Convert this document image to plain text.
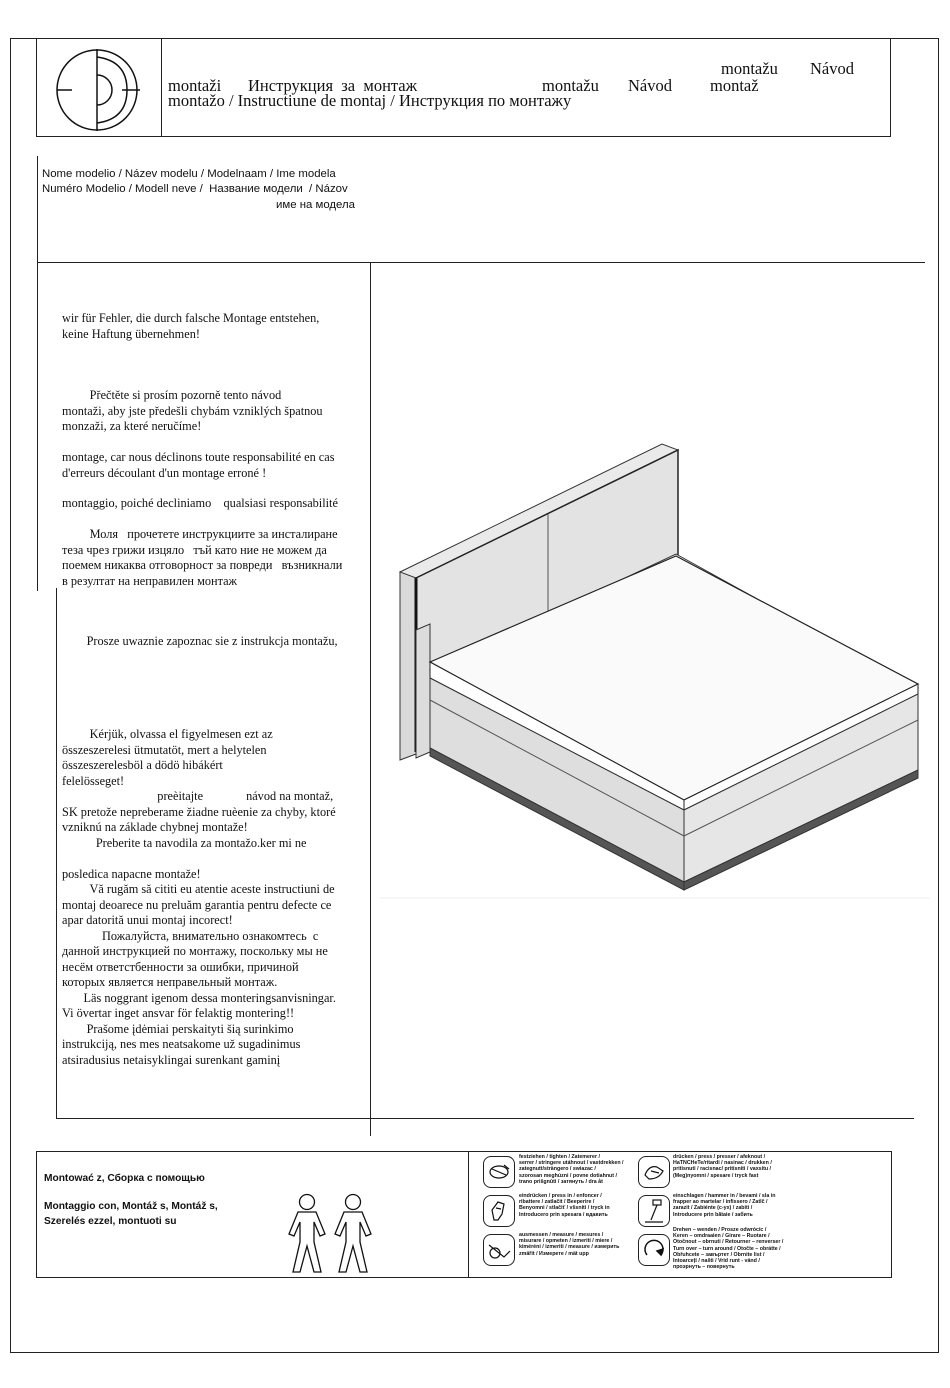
montažu Návod
montaži Инструкция  за  монтаж	montažu Návod montaž
montažo / Instructiune de montaj / Инструкция по монтажу
Nome modelio / Název modelu / Modelnaam / Ime modela
Numéro Modelio / Modell neve /  Название модели  / Názov
име на модела
wir für Fehler, die durch falsche Montage entstehen,
keine Haftung übernehmen!
Přečtěte si prosím pozorně tento návod
montaži, aby jste předešli chybám vzniklých špatnou
monzaži, za které neručíme!
montage, car nous déclinons toute responsabilité en cas
d'erreurs découlant d'un montage erroné !
montaggio, poiché decliniamo    qualsiasi responsabilité
Моля   прочетете инструкциите за инсталиране
теза чрез грижи изцяло   тъй като ние не можем да
поемем никаква отговорност за повреди   възникнали
в резултат на неправилен монтаж
Prosze uwaznie zapoznac sie z instrukcja montažu,
Kérjük, olvassa el figyelmesen ezt az
összeszerelesi ütmutatöt, mert a helytelen
összeszerelesböl a dödö hibákért
felelösseget!
preèitajte              návod na montaž,
SK pretože nepreberame žiadne ruèenie za chyby, ktoré
vzniknú na základe chybnej montaže!
Preberite ta navodila za montažo.ker mi ne

posledica napacne montaže!
Vă rugăm să cititi eu atentie aceste instructiuni de
montaj deoarece nu preluăm garantia pentru defecte ce
apar datorită unui montaj incorect!
Пожалуйста, внимательно ознакомтесь  с
данной инструкцией по монтажу, поскольку мы не
несём ответстбенности за ошибки, причиной
которых является неправельный монтаж.
Läs noggrant igenom dessa monteringsanvisningar.
Vi övertar inget ansvar för felaktig montering!!
Prašome įdėmiai perskaityti šią surinkimo
instrukciją, nes mes neatsakome už sugadinimus
atsiradusius netaisyklingai surenkant gaminį
Montować z, Сборка с помощью
Montaggio con, Montáž s, Montáž s,
Szerelés ezzel, montuoti su
festziehen / tighten / Zatemerer /
serrer / stringere utáhnout / vastdrekken /
zategnutt/strängero / swiazac /
szorosan meghúzni / povne dotiahnut /
trano prišgnūti / затянуть / dra åt
drücken / press / presser / afeknout /
HaTNCHeTe/ritardi / nasinac / drukken /
pritisnuti / racisnac/ pritisniti / vaxsitu /
(Meg)nyomni / spesare / tryck fast
eindrücken / press in / enfoncer /
ribattere / zatlačit / Beeperire /
Benyomni / stlačiť / všsniti / tryck in
Introducero prin spesara / вдавить
einschlagen / hammer in / bevami / sla in
frapper ao martelar / infissero / Zatlč /
zarazit / Zabiénte (c-yx) / zabiti /
Introducere prin bătaie / забить
ausmessen / measure / mesures /
misurare / opmeten / izmeriti / miere /
kiméréni / izmeriti / measure / измерить
zmäřit / Измерете / mät upp
Drehen – wenden / Prosze odwrócic /
Keren – omdraaien / Girare – Ruotare /
Otočnout – obrnuti / Retourner – renverser /
Turn over – turn around / Otočte – obrátte /
Obřuhcete – завъртет / Obrnite list /
Intoarceți / našti / Vrid runt - vänd /
проэрнуть – повернуть
